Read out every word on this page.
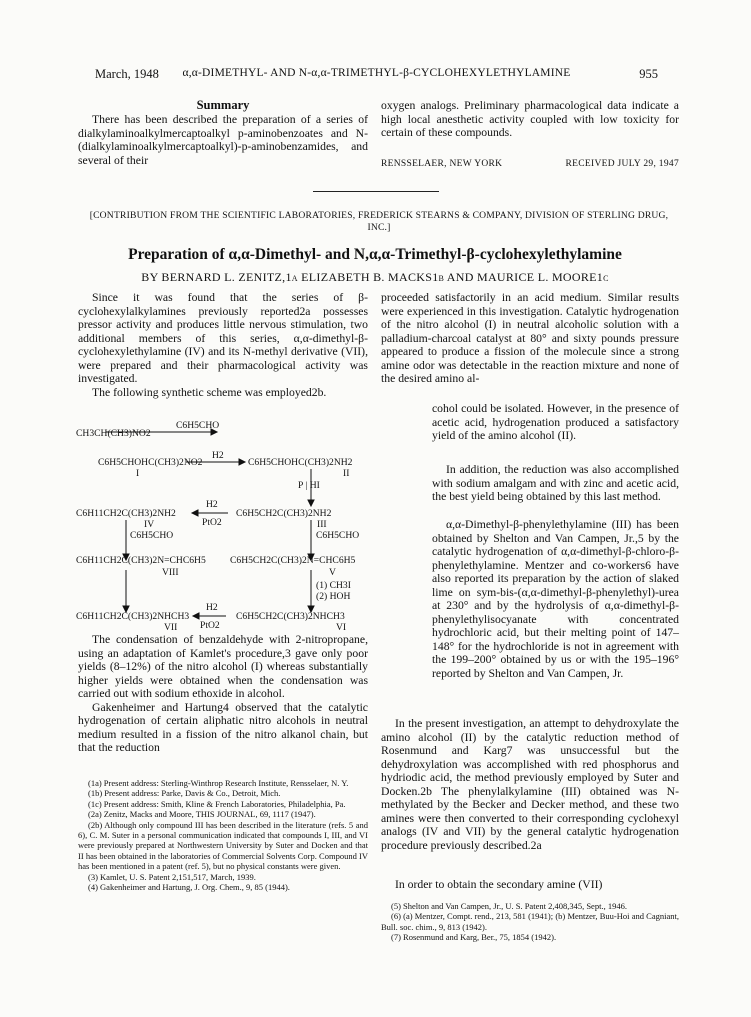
March, 1948	α,α-DIMETHYL- AND N-α,α-TRIMETHYL-β-CYCLOHEXYLETHYLAMINE	955
Summary

There has been described the preparation of a series of dialkylaminoalkylmercaptoalkyl p-aminobenzoates and N-(dialkylaminoalkylmercaptoalkyl)-p-aminobenzamides, and several of their

oxygen analogs. Preliminary pharmacological data indicate a high local anesthetic activity coupled with low toxicity for certain of these compounds.

RENSSELAER, NEW YORK	RECEIVED JULY 29, 1947
[CONTRIBUTION FROM THE SCIENTIFIC LABORATORIES, FREDERICK STEARNS & COMPANY, DIVISION OF STERLING DRUG, INC.]
Preparation of α,α-Dimethyl- and N,α,α-Trimethyl-β-cyclohexylethylamine
BY BERNARD L. ZENITZ,1a ELIZABETH B. MACKS1b AND MAURICE L. MOORE1c

Since it was found that the series of β-cyclohexylalkylamines previously reported2a possesses pressor activity and produces little nervous stimulation, two additional members of this series, α,α-dimethyl-β-cyclohexylethylamine (IV) and its N-methyl derivative (VII), were prepared and their pharmacological activity was investigated.

The following synthetic scheme was employed2b.

C6H5CHO
CH3CH(CH3)NO2
H2
C6H5CHOHC(CH3)2NO2	C6H5CHOHC(CH3)2NH2
I	II
P | HI
H2
C6H11CH2C(CH3)2NH2	C6H5CH2C(CH3)2NH2
IV	PtO2	III
C6H5CHO	C6H5CHO
C6H11CH2C(CH3)2N=CHC6H5	C6H5CH2C(CH3)2N=CHC6H5
VIII	V
(1) CH3I
(2) HOH
H2
C6H11CH2C(CH3)2NHCH3	C6H5CH2C(CH3)2NHCH3
VII PtO2	VI

The condensation of benzaldehyde with 2-nitropropane, using an adaptation of Kamlet's procedure,3 gave only poor yields (8–12%) of the nitro alcohol (I) whereas substantially higher yields were obtained when the condensation was carried out with sodium ethoxide in alcohol.

Gakenheimer and Hartung4 observed that the catalytic hydrogenation of certain aliphatic nitro alcohols in neutral medium resulted in a fission of the nitro alkanol chain, but that the reduction

(1a) Present address: Sterling-Winthrop Research Institute, Rensselaer, N. Y.

(1b) Present address: Parke, Davis & Co., Detroit, Mich.

(1c) Present address: Smith, Kline & French Laboratories, Philadelphia, Pa.

(2a) Zenitz, Macks and Moore, THIS JOURNAL, 69, 1117 (1947).

(2b) Although only compound III has been described in the literature (refs. 5 and 6), C. M. Suter in a personal communication indicated that compounds I, III, and VI were previously prepared at Northwestern University by Suter and Docken and that II has been obtained in the laboratories of Commercial Solvents Corp. Compound IV has been mentioned in a patent (ref. 5), but no physical constants were given.

(3) Kamlet, U. S. Patent 2,151,517, March, 1939.

(4) Gakenheimer and Hartung, J. Org. Chem., 9, 85 (1944).

proceeded satisfactorily in an acid medium. Similar results were experienced in this investigation. Catalytic hydrogenation of the nitro alcohol (I) in neutral alcoholic solution with a palladium-charcoal catalyst at 80° and sixty pounds pressure appeared to produce a fission of the molecule since a strong amine odor was detectable in the reaction mixture and none of the desired amino al-

cohol could be isolated. However, in the presence of acetic acid, hydrogenation produced a satisfactory yield of the amino alcohol (II).

In addition, the reduction was also accomplished with sodium amalgam and with zinc and acetic acid, the best yield being obtained by this last method.

α,α-Dimethyl-β-phenylethylamine (III) has been obtained by Shelton and Van Campen, Jr.,5 by the catalytic hydrogenation of α,α-dimethyl-β-chloro-β-phenylethylamine. Mentzer and co-workers6 have also reported its preparation by the action of slaked lime on sym-bis-(α,α-dimethyl-β-phenylethyl)-urea at 230° and by the hydrolysis of α,α-dimethyl-β-phenylethylisocyanate with concentrated hydrochloric acid, but their melting point of 147–148° for the hydrochloride is not in agreement with the 199–200° obtained by us or with the 195–196° reported by Shelton and Van Campen, Jr.

In the present investigation, an attempt to dehydroxylate the amino alcohol (II) by the catalytic reduction method of Rosenmund and Karg7 was unsuccessful but the dehydroxylation was accomplished with red phosphorus and hydriodic acid, the method previously employed by Suter and Docken.2b The phenylalkylamine (III) obtained was N-methylated by the Becker and Decker method, and these two amines were then converted to their corresponding cyclohexyl analogs (IV and VII) by the general catalytic hydrogenation procedure previously described.2a

In order to obtain the secondary amine (VII)

(5) Shelton and Van Campen, Jr., U. S. Patent 2,408,345, Sept., 1946.

(6) (a) Mentzer, Compt. rend., 213, 581 (1941); (b) Mentzer, Buu-Hoi and Cagniant, Bull. soc. chim., 9, 813 (1942).

(7) Rosenmund and Karg, Ber., 75, 1854 (1942).
